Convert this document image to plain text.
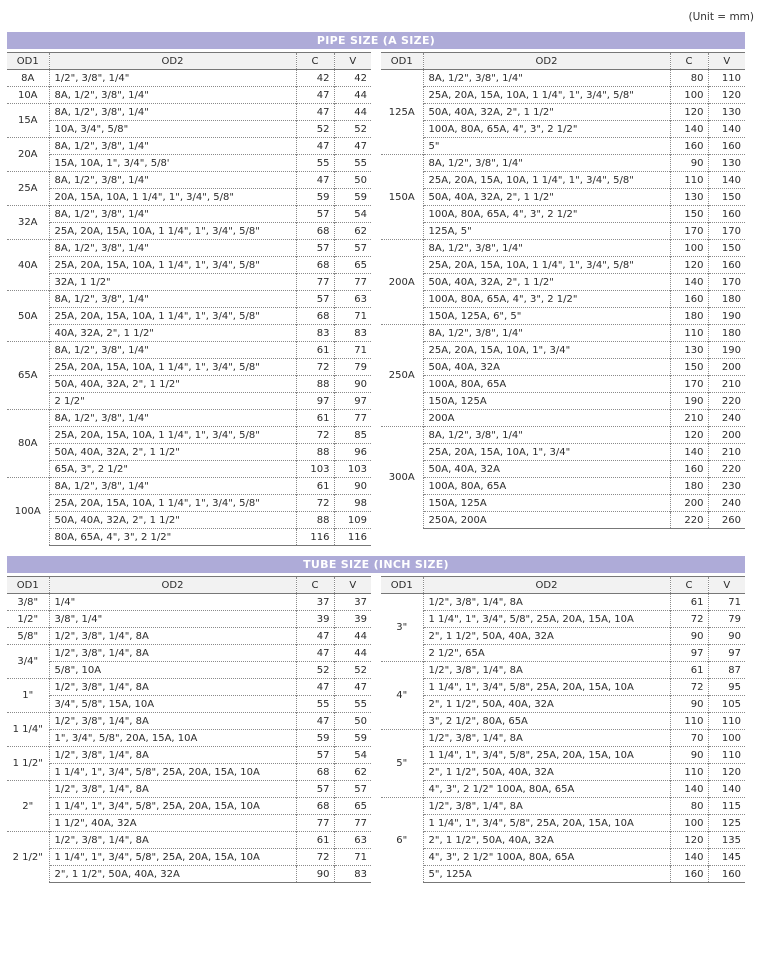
(Unit = mm)
PIPE SIZE (A SIZE)
OD1	OD2	C	V
8A	1/2", 3/8", 1/4"	42	42
10A	8A, 1/2", 3/8", 1/4"	47	44
15A	8A, 1/2", 3/8", 1/4"	47	44
	10A, 3/4", 5/8"	52	52
20A	8A, 1/2", 3/8", 1/4"	47	47
	15A, 10A, 1", 3/4", 5/8'	55	55
25A	8A, 1/2", 3/8", 1/4"	47	50
	20A, 15A, 10A, 1 1/4", 1", 3/4", 5/8"	59	59
32A	8A, 1/2", 3/8", 1/4"	57	54
	25A, 20A, 15A, 10A, 1 1/4", 1", 3/4", 5/8"	68	62
40A	8A, 1/2", 3/8", 1/4"	57	57
	25A, 20A, 15A, 10A, 1 1/4", 1", 3/4", 5/8"	68	65
	32A, 1 1/2"	77	77
50A	8A, 1/2", 3/8", 1/4"	57	63
	25A, 20A, 15A, 10A, 1 1/4", 1", 3/4", 5/8"	68	71
	40A, 32A, 2", 1 1/2"	83	83
65A	8A, 1/2", 3/8", 1/4"	61	71
	25A, 20A, 15A, 10A, 1 1/4", 1", 3/4", 5/8"	72	79
	50A, 40A, 32A, 2", 1 1/2"	88	90
	2 1/2"	97	97
80A	8A, 1/2", 3/8", 1/4"	61	77
	25A, 20A, 15A, 10A, 1 1/4", 1", 3/4", 5/8"	72	85
	50A, 40A, 32A, 2", 1 1/2"	88	96
	65A, 3", 2 1/2"	103	103
100A	8A, 1/2", 3/8", 1/4"	61	90
	25A, 20A, 15A, 10A, 1 1/4", 1", 3/4", 5/8"	72	98
	50A, 40A, 32A, 2", 1 1/2"	88	109
	80A, 65A, 4", 3", 2 1/2"	116	116
OD1	OD2	C	V
125A	8A, 1/2", 3/8", 1/4"	80	110
	25A, 20A, 15A, 10A, 1 1/4", 1", 3/4", 5/8"	100	120
	50A, 40A, 32A, 2", 1 1/2"	120	130
	100A, 80A, 65A, 4", 3", 2 1/2"	140	140
	5"	160	160
150A	8A, 1/2", 3/8", 1/4"	90	130
	25A, 20A, 15A, 10A, 1 1/4", 1", 3/4", 5/8"	110	140
	50A, 40A, 32A, 2", 1 1/2"	130	150
	100A, 80A, 65A, 4", 3", 2 1/2"	150	160
	125A, 5"	170	170
200A	8A, 1/2", 3/8", 1/4"	100	150
	25A, 20A, 15A, 10A, 1 1/4", 1", 3/4", 5/8"	120	160
	50A, 40A, 32A, 2", 1 1/2"	140	170
	100A, 80A, 65A, 4", 3", 2 1/2"	160	180
	150A, 125A, 6", 5"	180	190
250A	8A, 1/2", 3/8", 1/4"	110	180
	25A, 20A, 15A, 10A, 1", 3/4"	130	190
	50A, 40A, 32A	150	200
	100A, 80A, 65A	170	210
	150A, 125A	190	220
	200A	210	240
300A	8A, 1/2", 3/8", 1/4"	120	200
	25A, 20A, 15A, 10A, 1", 3/4"	140	210
	50A, 40A, 32A	160	220
	100A, 80A, 65A	180	230
	150A, 125A	200	240
	250A, 200A	220	260
TUBE SIZE (INCH SIZE)
OD1	OD2	C	V
3/8"	1/4"	37	37
1/2"	3/8", 1/4"	39	39
5/8"	1/2", 3/8", 1/4", 8A	47	44
3/4"	1/2", 3/8", 1/4", 8A	47	44
	5/8", 10A	52	52
1"	1/2", 3/8", 1/4", 8A	47	47
	3/4", 5/8", 15A, 10A	55	55
1 1/4"	1/2", 3/8", 1/4", 8A	47	50
	1", 3/4", 5/8", 20A, 15A, 10A	59	59
1 1/2"	1/2", 3/8", 1/4", 8A	57	54
	1 1/4", 1", 3/4", 5/8", 25A, 20A, 15A, 10A	68	62
2"	1/2", 3/8", 1/4", 8A	57	57
	1 1/4", 1", 3/4", 5/8", 25A, 20A, 15A, 10A	68	65
	1 1/2", 40A, 32A	77	77
2 1/2"	1/2", 3/8", 1/4", 8A	61	63
	1 1/4", 1", 3/4", 5/8", 25A, 20A, 15A, 10A	72	71
	2", 1 1/2", 50A, 40A, 32A	90	83
OD1	OD2	C	V
3"	1/2", 3/8", 1/4", 8A	61	71
	1 1/4", 1", 3/4", 5/8", 25A, 20A, 15A, 10A	72	79
	2", 1 1/2", 50A, 40A, 32A	90	90
	2 1/2", 65A	97	97
4"	1/2", 3/8", 1/4", 8A	61	87
	1 1/4", 1", 3/4", 5/8", 25A, 20A, 15A, 10A	72	95
	2", 1 1/2", 50A, 40A, 32A	90	105
	3", 2 1/2", 80A, 65A	110	110
5"	1/2", 3/8", 1/4", 8A	70	100
	1 1/4", 1", 3/4", 5/8", 25A, 20A, 15A, 10A	90	110
	2", 1 1/2", 50A, 40A, 32A	110	120
	4", 3", 2 1/2" 100A, 80A, 65A	140	140
6"	1/2", 3/8", 1/4", 8A	80	115
	1 1/4", 1", 3/4", 5/8", 25A, 20A, 15A, 10A	100	125
	2", 1 1/2", 50A, 40A, 32A	120	135
	4", 3", 2 1/2" 100A, 80A, 65A	140	145
	5", 125A	160	160
